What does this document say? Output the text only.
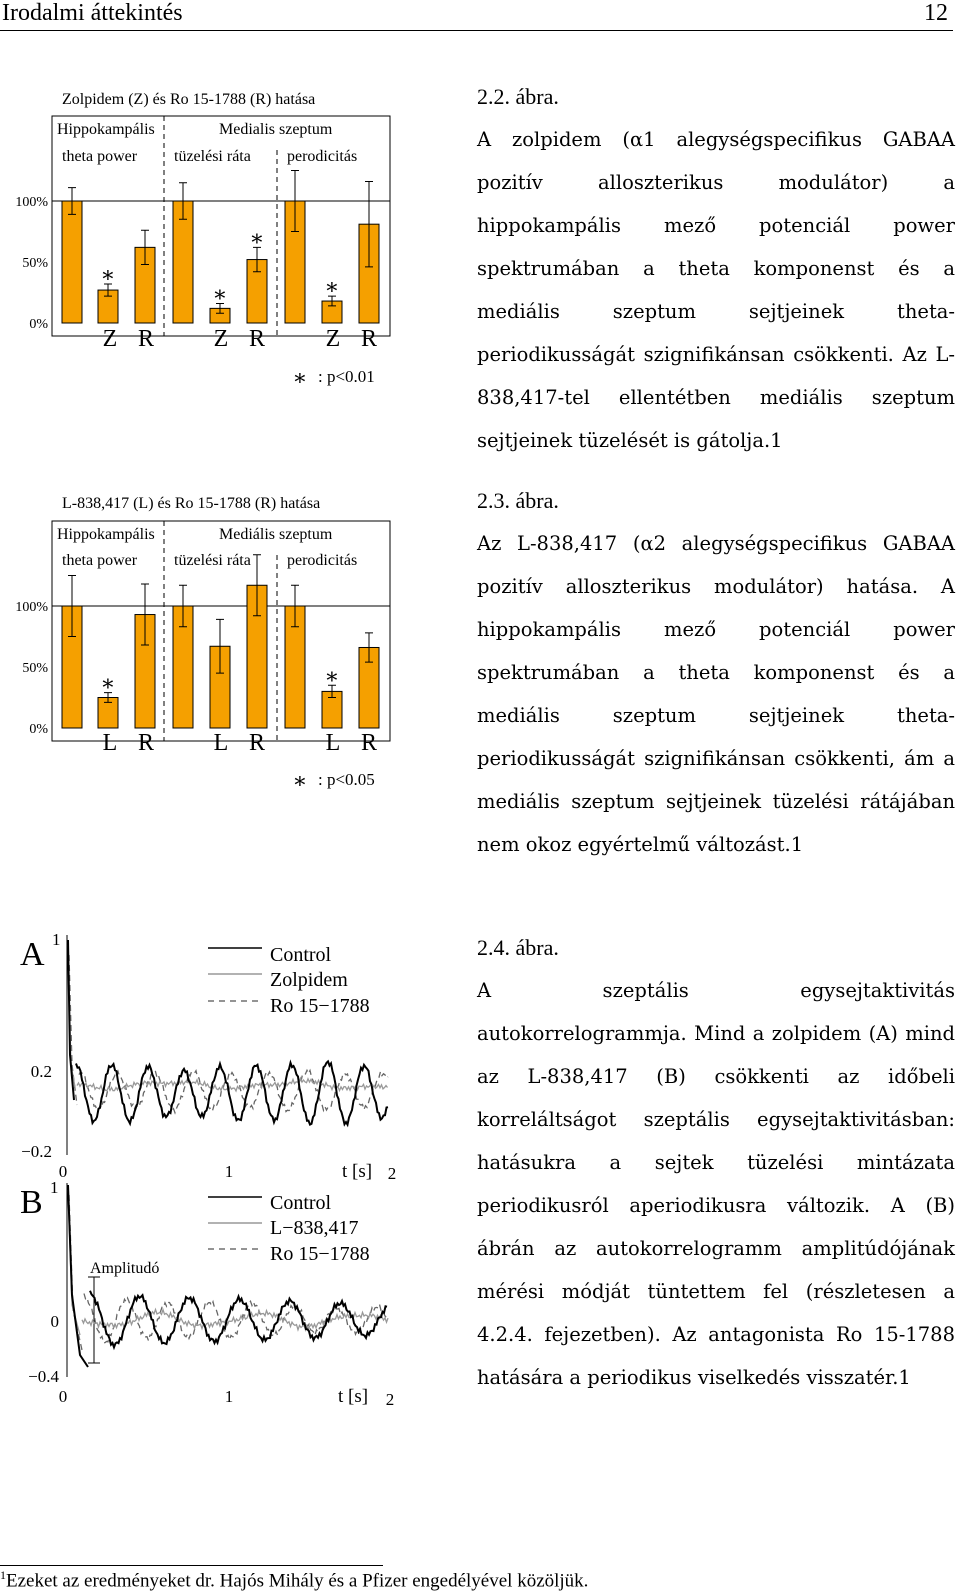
Irodalmi áttekintés	12
Zolpidem (Z) és Ro 15-1788 (R) hatása
Hippokampális
theta power
Medialis szeptum
tüzelési ráta perodicitás
100%
50%
0%
∗
∗
∗
∗
Z R Z R	Z R
∗ : p<0.01
2.2. ábra.
A zolpidem (α1 alegységspecifikus GABAA pozitív alloszterikus modulátor) a hippokampális mező potenciál power spektrumában a theta komponenst és a mediális szeptum sejtjeinek theta-periodikusságát szignifikánsan csökkenti. Az L-838,417-tel ellentétben mediális szeptum sejtjeinek tüzelését is gátolja.1
L-838,417 (L) és Ro 15-1788 (R) hatása
Hippokampális
theta power
Mediális szeptum
tüzelési ráta perodicitás
100%
50%
0%
∗	∗
L R L R	L R
∗ : p<0.05
2.3. ábra.
Az L-838,417 (α2 alegységspecifikus GABAA pozitív alloszterikus modulátor) hatása. A hippokampális mező potenciál power spektrumában a theta komponenst és a mediális szeptum sejtjeinek theta-periodikusságát szignifikánsan csökkenti, ám a mediális szeptum sejtjeinek tüzelési rátájában nem okoz egyértelmű változást.1
A 1
0.2
−0.2
0	1	t [s] 2
Control
Zolpidem
Ro 15−1788
B 1
0
−0.4
0	1	t [s] 2
Control
L−838,417
Ro 15−1788
Amplitudó
2.4. ábra.
A szeptális egysejtaktivitás autokorrelogrammja. Mind a zolpidem (A) mind az L-838,417 (B) csökkenti az időbeli korreláltságot szeptális egysejtaktivitásban: hatásukra a sejtek tüzelési mintázata periodikusról aperiodikusra változik. A (B) ábrán az autokorrelogramm amplitúdójának mérési módját tüntettem fel (részletesen a 4.2.4. fejezetben). Az antagonista Ro 15-1788 hatására a periodikus viselkedés visszatér.1
$^1$Ezeket az eredményeket dr. Hajós Mihály és a Pfizer engedélyével közöljük.
